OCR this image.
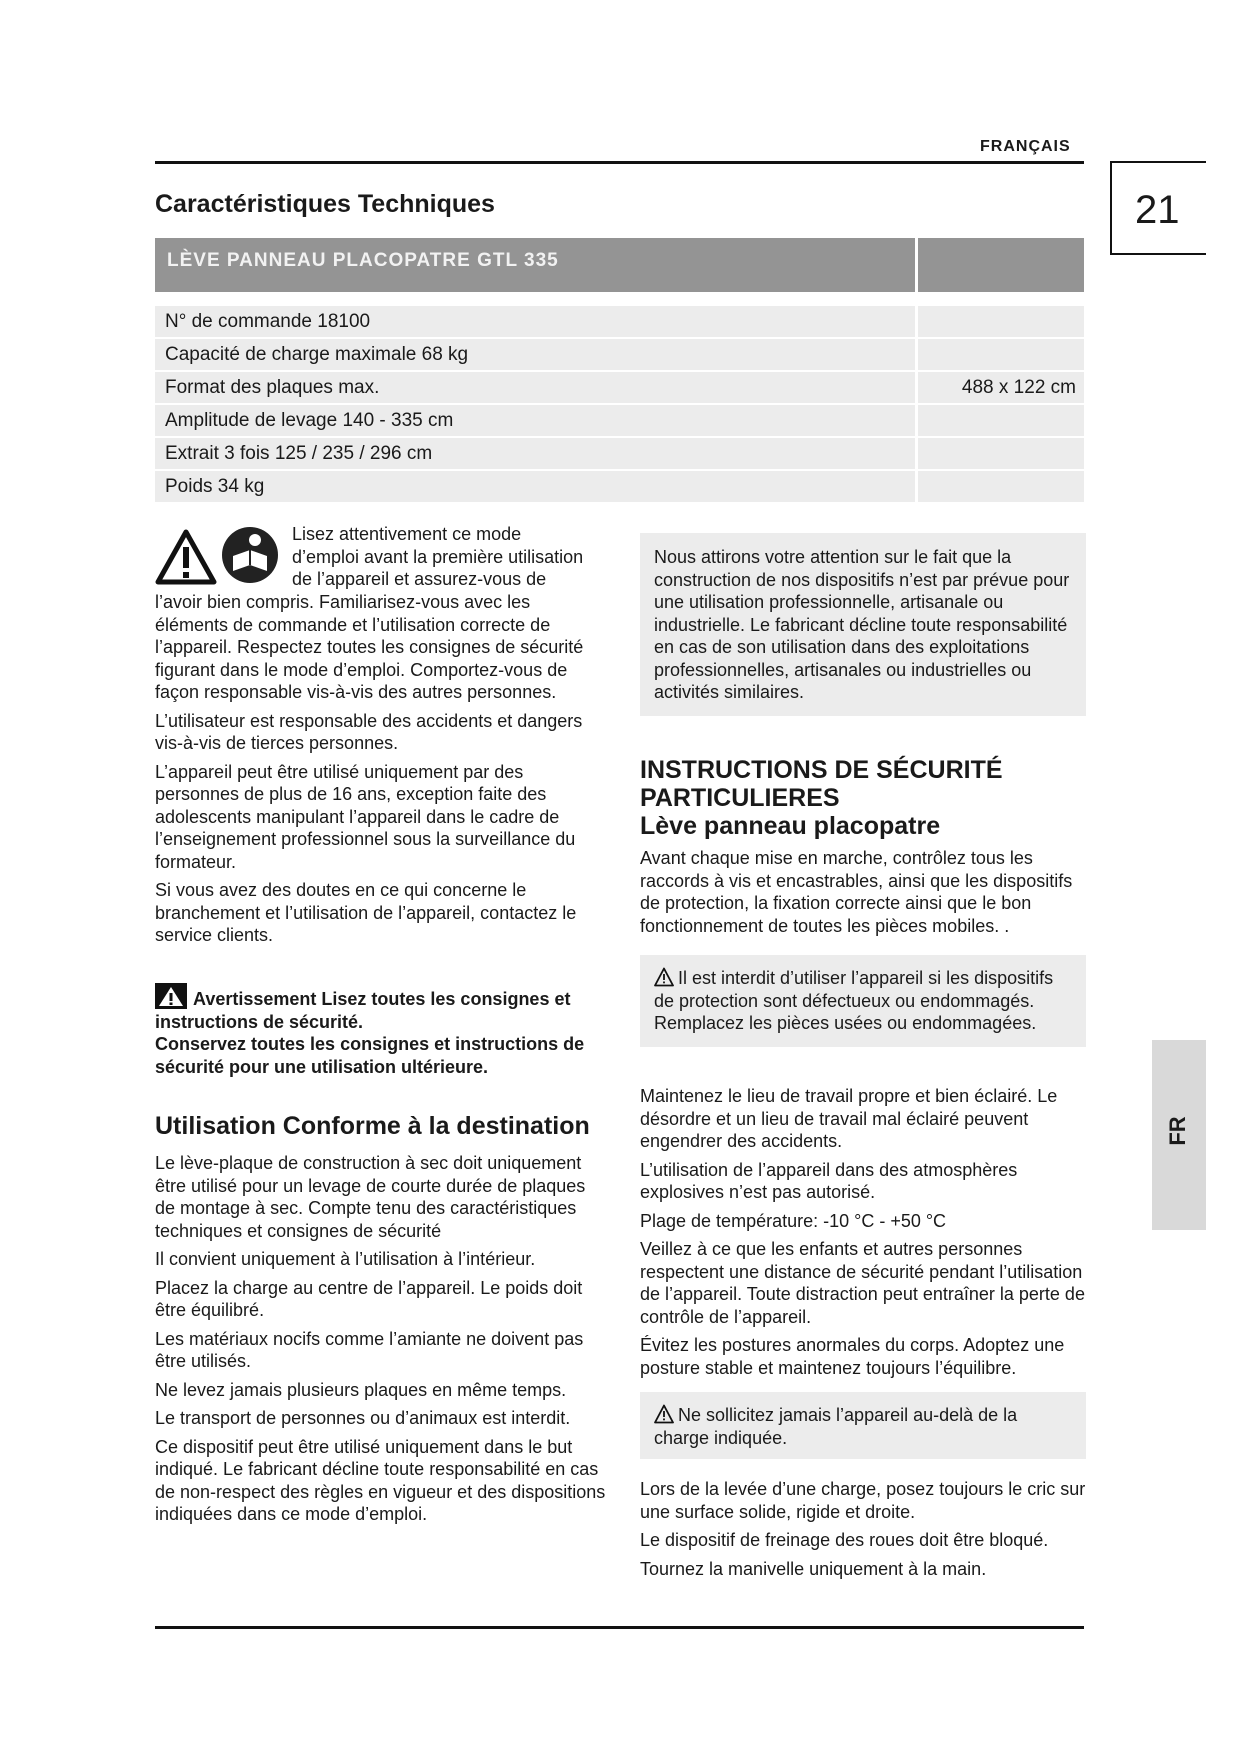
FRANÇAIS
21
FR
Caractéristiques Techniques
LÈVE PANNEAU PLACOPATRE GTL 335
N° de commande 18100
Capacité de charge maximale 68 kg
Format des plaques max.	488 x 122 cm
Amplitude de levage 140 - 335 cm
Extrait 3 fois 125 / 235 / 296 cm
Poids 34 kg
Lisez attentivement ce mode
d’emploi avant la première utilisation
de l’appareil et assurez-vous de

l’avoir bien compris. Familiarisez-vous avec les éléments de commande et l’utilisation correcte de l’appareil. Respectez toutes les consignes de sécurité figurant dans le mode d’emploi. Comportez-vous de façon responsable vis-à-vis des autres personnes.

L’utilisateur est responsable des accidents et dangers vis-à-vis de tierces personnes.

L’appareil peut être utilisé uniquement par des personnes de plus de 16 ans, exception faite des adolescents manipulant l’appareil dans le cadre de l’enseignement professionnel sous la surveillance du formateur.

Si vous avez des doutes en ce qui concerne le branchement et l’utilisation de l’appareil, contactez le service clients.

Avertissement Lisez toutes les consignes et instructions de sécurité.
Conservez toutes les consignes et instructions de sécurité pour une utilisation ultérieure.
Utilisation Conforme à la destination

Le lève-plaque de construction à sec doit uniquement être utilisé pour un levage de courte durée de plaques de montage à sec. Compte tenu des caractéristiques techniques et consignes de sécurité

Il convient uniquement à l’utilisation à l’intérieur.

Placez la charge au centre de l’appareil. Le poids doit être équilibré.

Les matériaux nocifs comme l’amiante ne doivent pas être utilisés.

Ne levez jamais plusieurs plaques en même temps.

Le transport de personnes ou d’animaux est interdit.

Ce dispositif peut être utilisé uniquement dans le but indiqué. Le fabricant décline toute responsabilité en cas de non-respect des règles en vigueur et des dispositions indiquées dans ce mode d’emploi.

Nous attirons votre attention sur le fait que la construction de nos dispositifs n’est par prévue pour une utilisation professionnelle, artisanale ou industrielle. Le fabricant décline toute responsabilité en cas de son utilisation dans des exploitations professionnelles, artisanales ou industrielles ou activités similaires.
INSTRUCTIONS DE SÉCURITÉ PARTICULIERES
Lève panneau placopatre

Avant chaque mise en marche, contrôlez tous les raccords à vis et encastrables, ainsi que les dispositifs de protection, la fixation correcte ainsi que le bon fonctionnement de toutes les pièces mobiles. .

Il est interdit d’utiliser l’appareil si les dispositifs de protection sont défectueux ou endommagés. Remplacez les pièces usées ou endommagées.

Maintenez le lieu de travail propre et bien éclairé. Le désordre et un lieu de travail mal éclairé peuvent engendrer des accidents.

L’utilisation de l’appareil dans des atmosphères explosives n’est pas autorisé.

Plage de température: -10 °C - +50 °C

Veillez à ce que les enfants et autres personnes respectent une distance de sécurité pendant l’utilisation de l’appareil. Toute distraction peut entraîner la perte de contrôle de l’appareil.

Évitez les postures anormales du corps. Adoptez une posture stable et maintenez toujours l’équilibre.

Ne sollicitez jamais l’appareil au-delà de la charge indiquée.

Lors de la levée d’une charge, posez toujours le cric sur une surface solide, rigide et droite.

Le dispositif de freinage des roues doit être bloqué.

Tournez la manivelle uniquement à la main.
